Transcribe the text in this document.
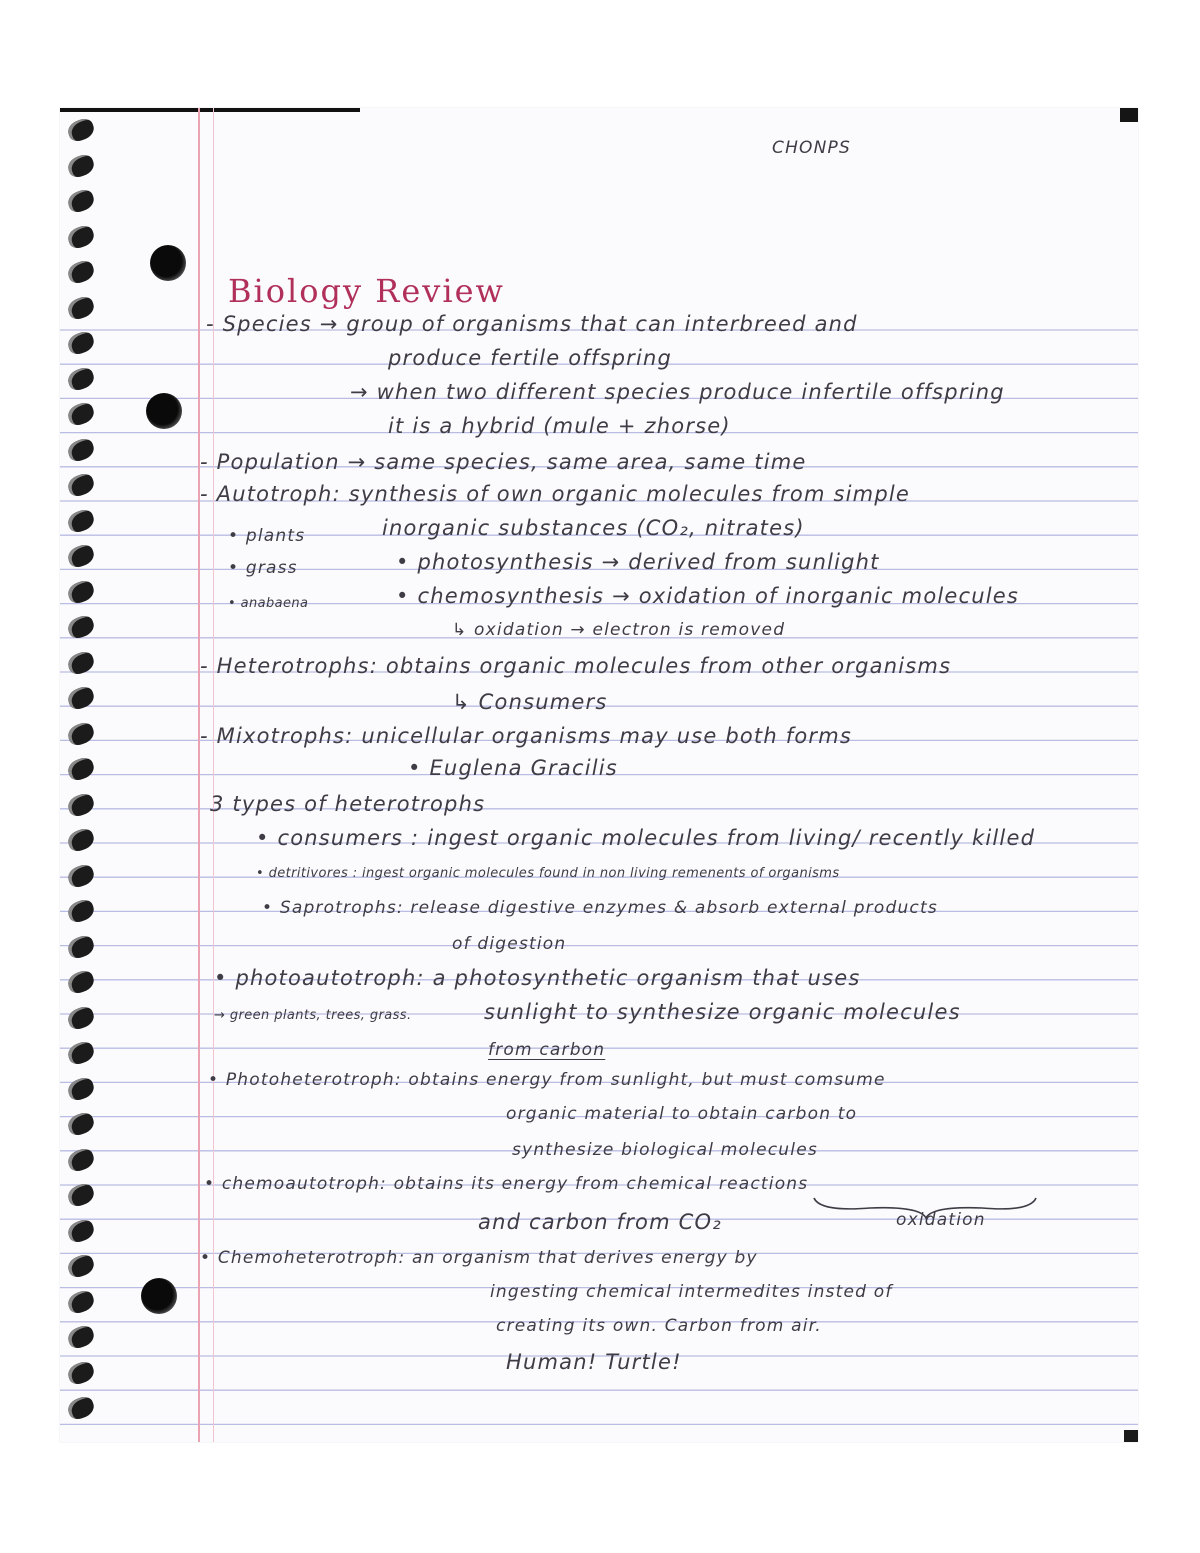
CHONPS
Biology Review
- Species → group of organisms that can interbreed and
produce fertile offspring
→ when two different species produce infertile offspring
it is a hybrid (mule + zhorse)
- Population → same species, same area, same time
- Autotroph: synthesis of own organic molecules from simple
inorganic substances (CO₂, nitrates)
• plants
• grass
• anabaena
• photosynthesis → derived from sunlight
• chemosynthesis → oxidation of inorganic molecules
↳ oxidation → electron is removed
- Heterotrophs: obtains organic molecules from other organisms
↳ Consumers
- Mixotrophs: unicellular organisms may use both forms
• Euglena Gracilis
3 types of heterotrophs
• consumers : ingest organic molecules from living/ recently killed
• detritivores : ingest organic molecules found in non living remenents of organisms
• Saprotrophs: release digestive enzymes & absorb external products
of digestion
• photoautotroph: a photosynthetic organism that uses
→ green plants, trees, grass.	sunlight to synthesize organic molecules
from carbon
• Photoheterotroph: obtains energy from sunlight, but must comsume
organic material to obtain carbon to
synthesize biological molecules
• chemoautotroph: obtains its energy from chemical reactions
and carbon from CO₂	oxidation
• Chemoheterotroph: an organism that derives energy by
ingesting chemical intermedites insted of
creating its own. Carbon from air.
Human! Turtle!
